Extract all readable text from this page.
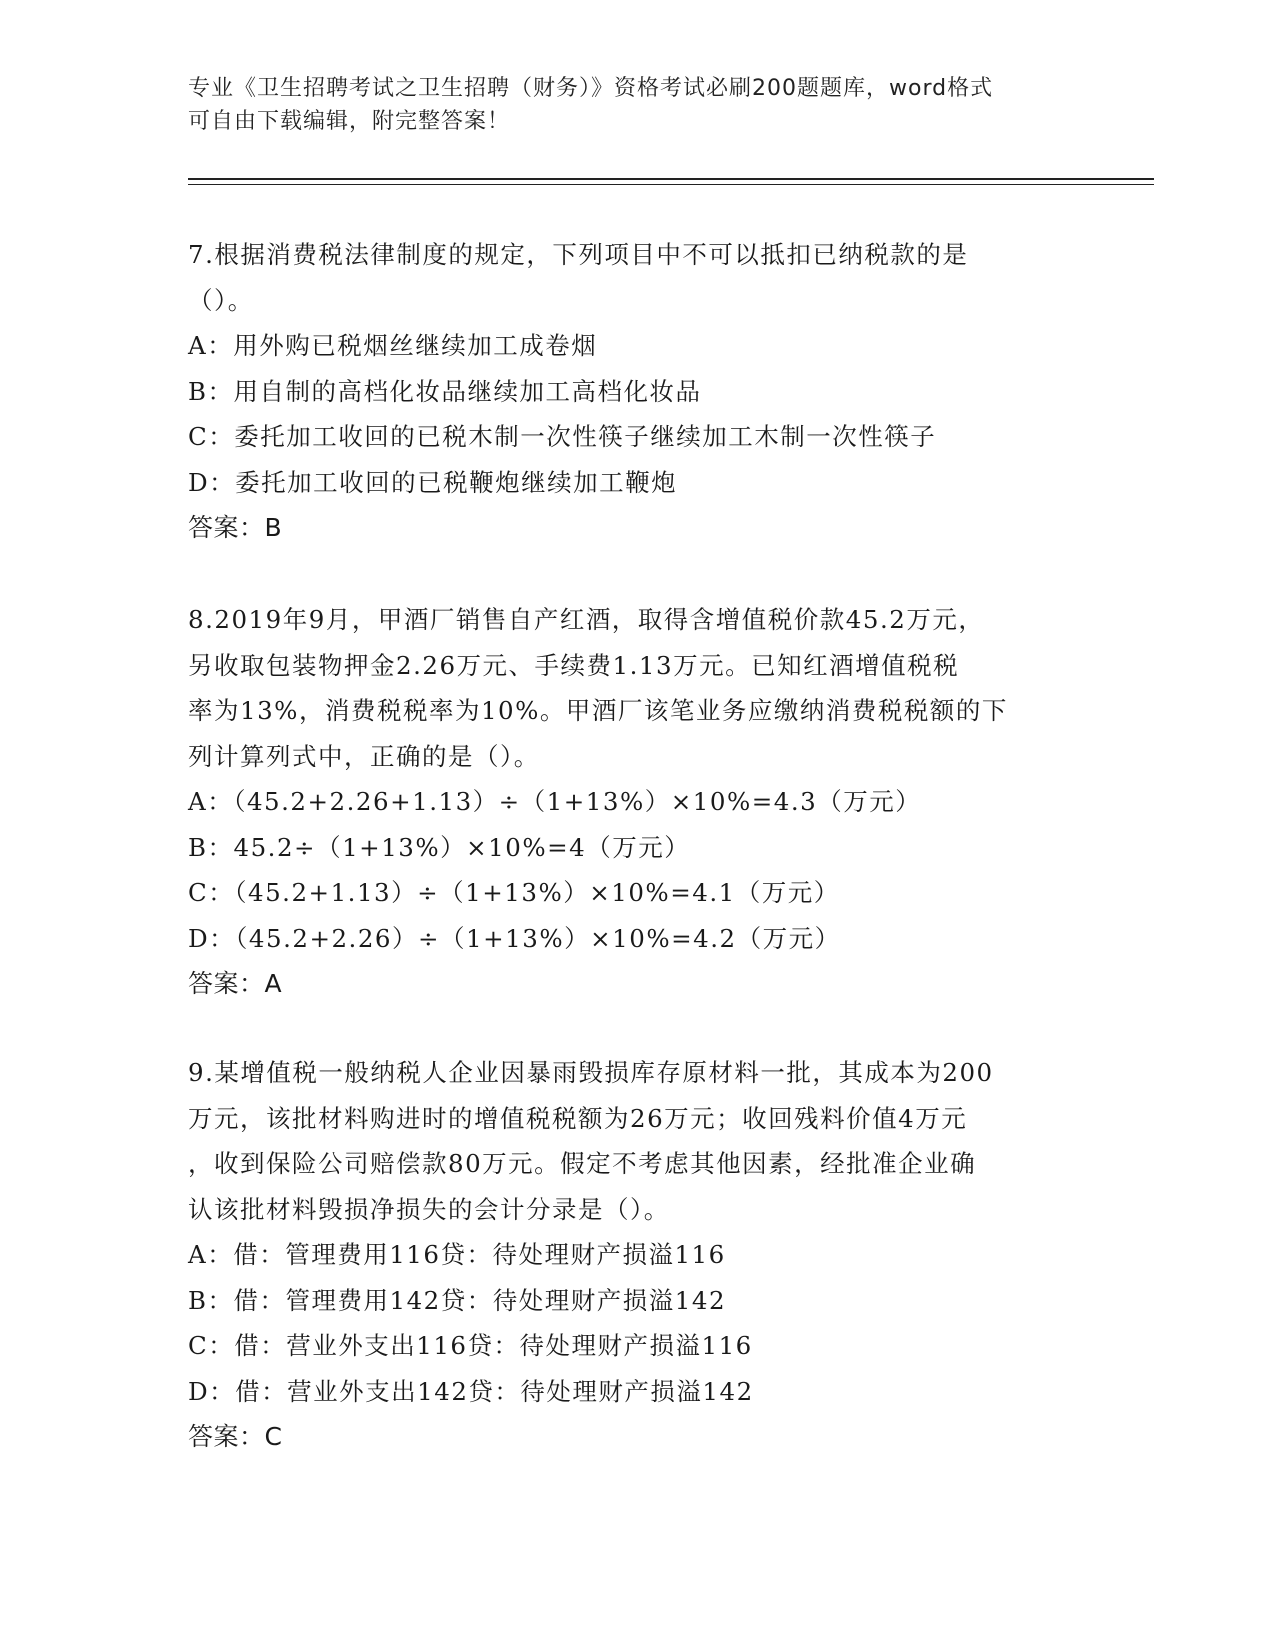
专业《卫生招聘考试之卫生招聘（财务）》资格考试必刷200题题库，word格式
可自由下载编辑，附完整答案！
7.根据消费税法律制度的规定，下列项目中不可以抵扣已纳税款的是
（）。
A：用外购已税烟丝继续加工成卷烟
B：用自制的高档化妆品继续加工高档化妆品
C：委托加工收回的已税木制一次性筷子继续加工木制一次性筷子
D：委托加工收回的已税鞭炮继续加工鞭炮
答案：B
8.2019年9月，甲酒厂销售自产红酒，取得含增值税价款45.2万元，
另收取包装物押金2.26万元、手续费1.13万元。已知红酒增值税税
率为13%，消费税税率为10%。甲酒厂该笔业务应缴纳消费税税额的下
列计算列式中，正确的是（）。
A：（45.2+2.26+1.13）÷（1+13%）×10%=4.3（万元）
B：45.2÷（1+13%）×10%=4（万元）
C：（45.2+1.13）÷（1+13%）×10%=4.1（万元）
D：（45.2+2.26）÷（1+13%）×10%=4.2（万元）
答案：A
9.某增值税一般纳税人企业因暴雨毁损库存原材料一批，其成本为200
万元，该批材料购进时的增值税税额为26万元；收回残料价值4万元
，收到保险公司赔偿款80万元。假定不考虑其他因素，经批准企业确
认该批材料毁损净损失的会计分录是（）。
A：借：管理费用116贷：待处理财产损溢116
B：借：管理费用142贷：待处理财产损溢142
C：借：营业外支出116贷：待处理财产损溢116
D：借：营业外支出142贷：待处理财产损溢142
答案：C
